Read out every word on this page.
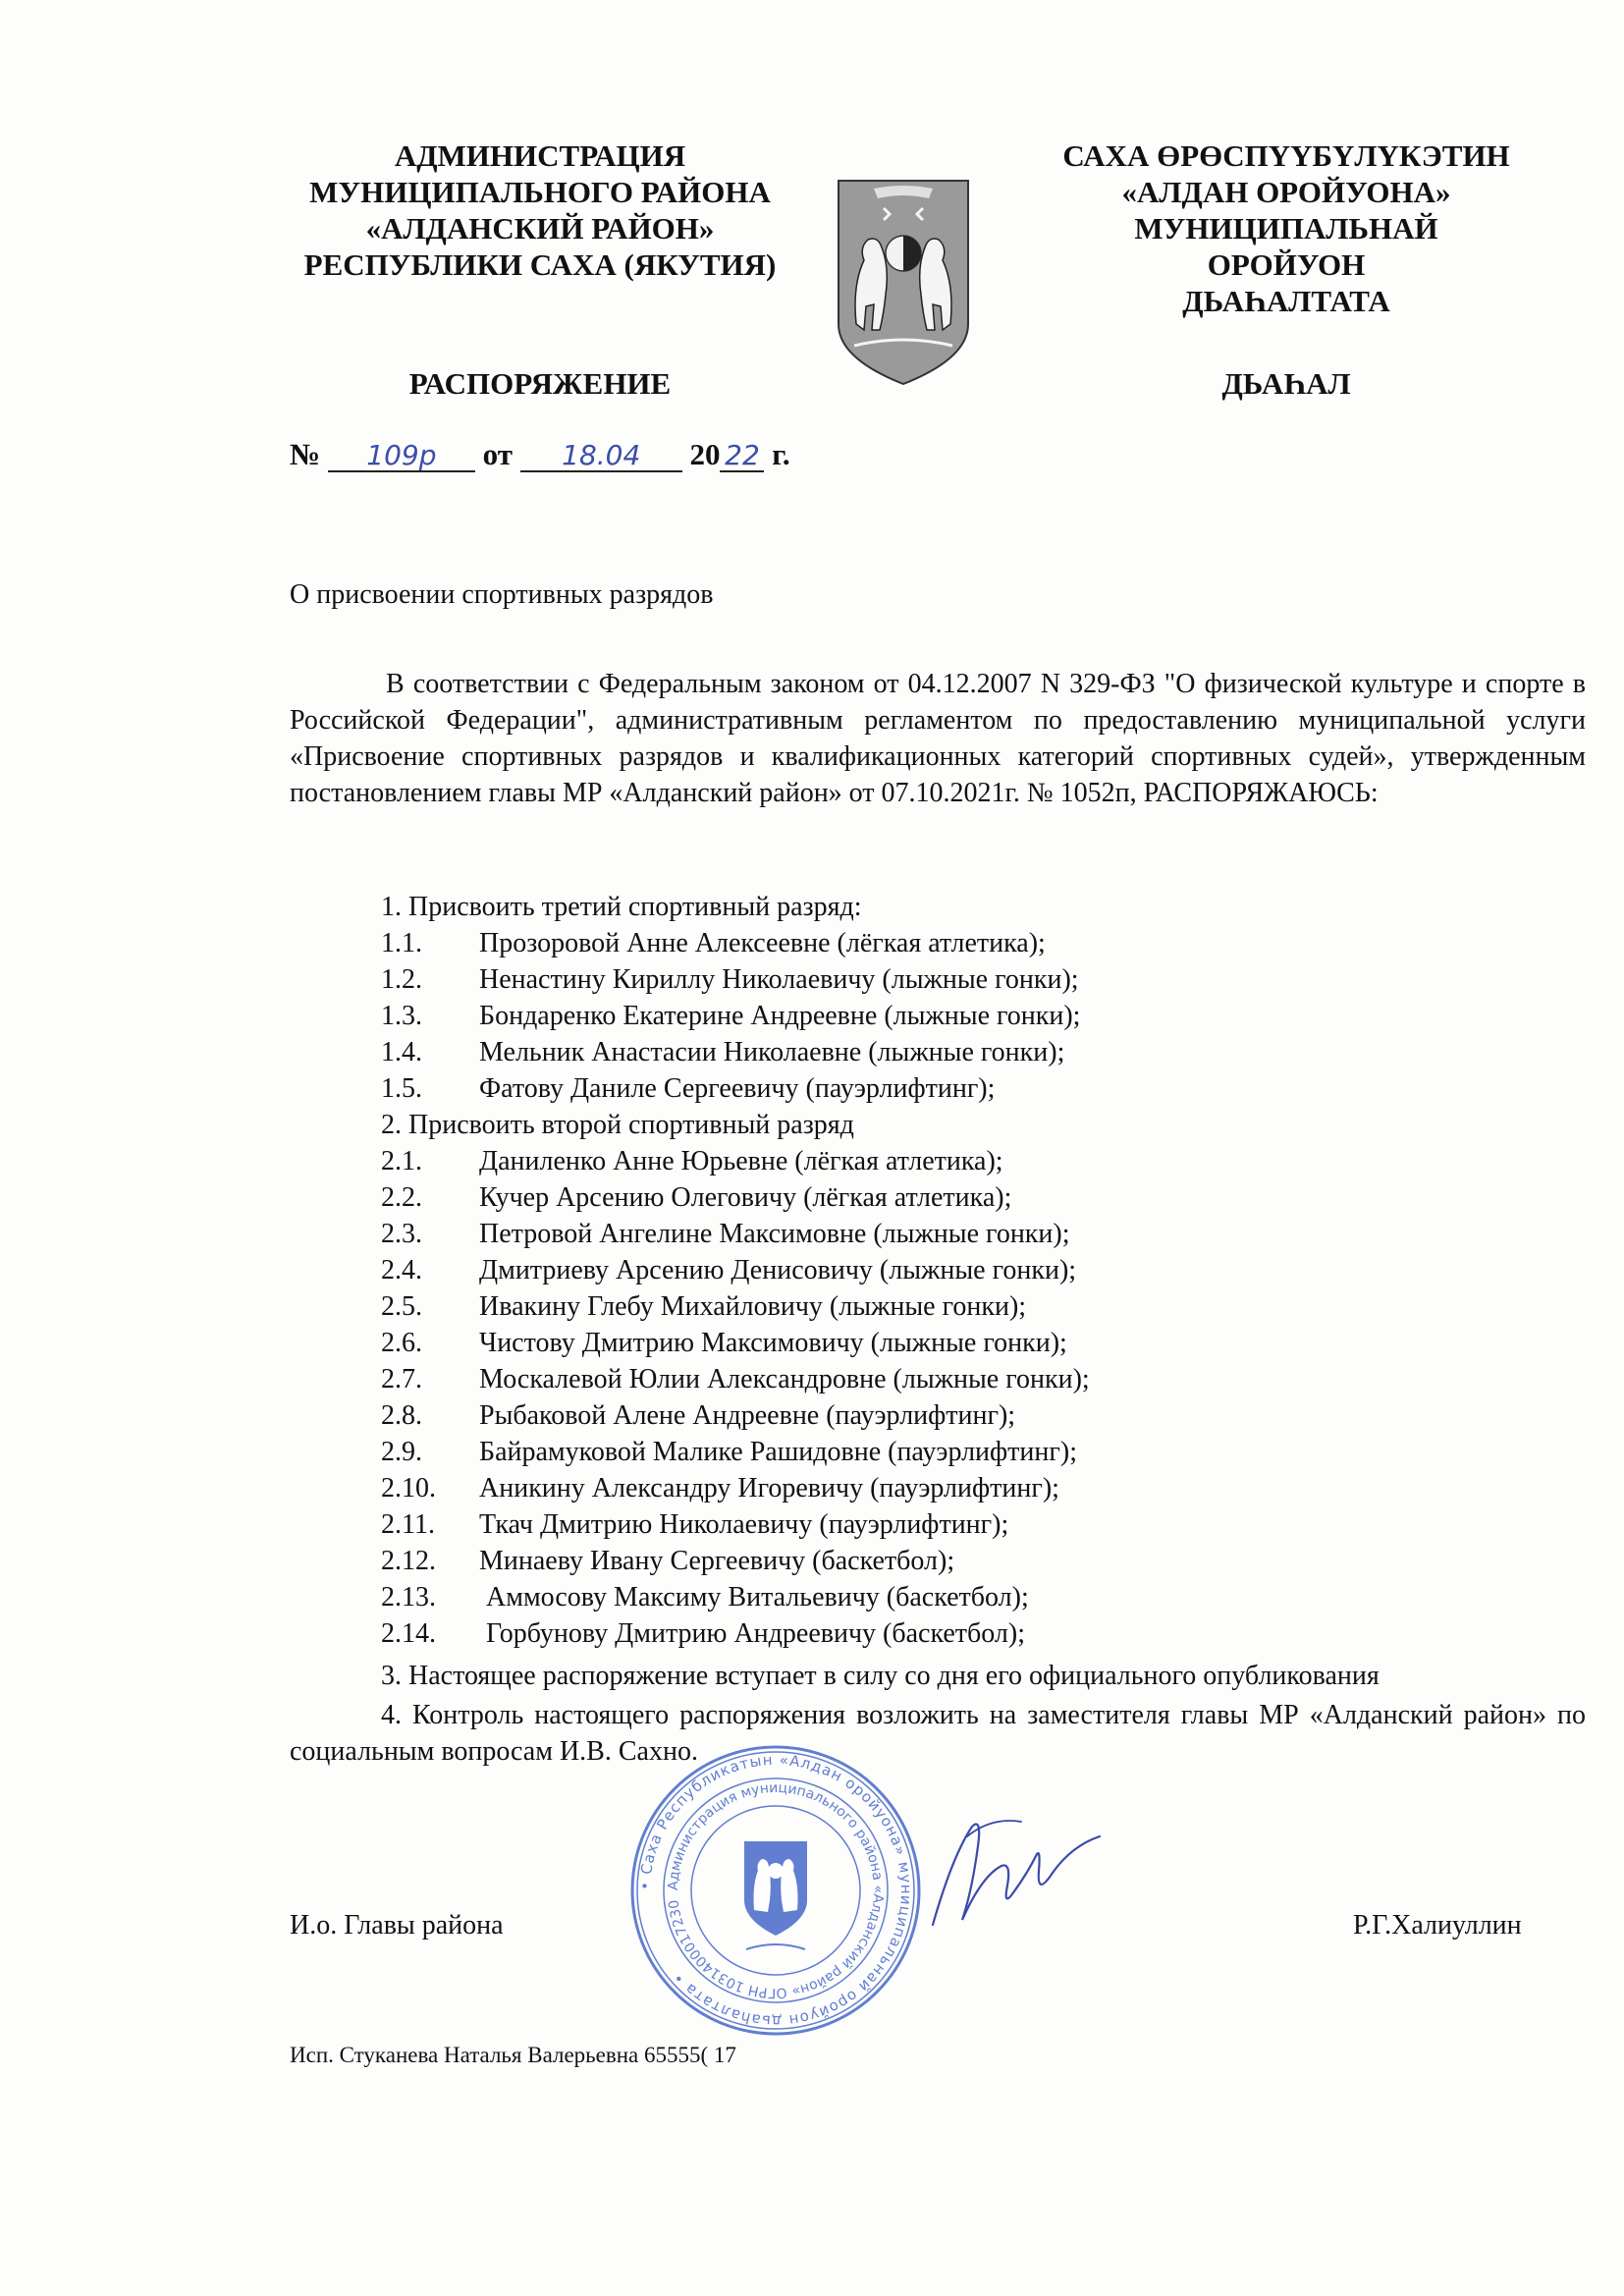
АДМИНИСТРАЦИЯ
МУНИЦИПАЛЬНОГО РАЙОНА
«АЛДАНСКИЙ РАЙОН»
РЕСПУБЛИКИ САХА (ЯКУТИЯ)
САХА ӨРӨСПҮҮБҮЛҮКЭТИН
«АЛДАН ОРОЙУОНА»
МУНИЦИПАЛЬНАЙ
ОРОЙУОН
ДЬАҺАЛТАТА
РАСПОРЯЖЕНИЕ	ДЬАҺАЛ
№ 109р от 18.04 20 22 г.
О присвоении спортивных разрядов
В соответствии с Федеральным законом от 04.12.2007 N 329-ФЗ "О физической культуре и спорте в Российской Федерации", административным регламентом по предоставлению муниципальной услуги «Присвоение спортивных разрядов и квалификационных категорий спортивных судей», утвержденным постановлением главы МР «Алданский район» от 07.10.2021г. № 1052п, РАСПОРЯЖАЮСЬ:
1. Присвоить третий спортивный разряд:
1.1. Прозоровой Анне Алексеевне (лёгкая атлетика);
1.2. Ненастину Кириллу Николаевичу (лыжные гонки);
1.3. Бондаренко Екатерине Андреевне (лыжные гонки);
1.4. Мельник Анастасии Николаевне (лыжные гонки);
1.5. Фатову Даниле Сергеевичу (пауэрлифтинг);
2. Присвоить второй спортивный разряд
2.1. Даниленко Анне Юрьевне (лёгкая атлетика);
2.2. Кучер Арсению Олеговичу (лёгкая атлетика);
2.3. Петровой Ангелине Максимовне (лыжные гонки);
2.4. Дмитриеву Арсению Денисовичу (лыжные гонки);
2.5. Ивакину Глебу Михайловичу (лыжные гонки);
2.6. Чистову Дмитрию Максимовичу (лыжные гонки);
2.7. Москалевой Юлии Александровне (лыжные гонки);
2.8. Рыбаковой Алене Андреевне (пауэрлифтинг);
2.9. Байрамуковой Малике Рашидовне (пауэрлифтинг);
2.10. Аникину Александру Игоревичу (пауэрлифтинг);
2.11. Ткач Дмитрию Николаевичу (пауэрлифтинг);
2.12. Минаеву Ивану Сергеевичу (баскетбол);
2.13. Аммосову Максиму Витальевичу (баскетбол);
2.14. Горбунову Дмитрию Андреевичу (баскетбол);
3. Настоящее распоряжение вступает в силу со дня его официального опубликования
4. Контроль настоящего распоряжения возложить на заместителя главы МР «Алданский район» по социальным вопросам И.В. Сахно.
• Саха Республикатын «Алдан оройуона» муниципальнай оройуон дьаһалтата •
Администрация муниципального района «Алданский район» ОГРН 1031400017230
И.о. Главы района	Р.Г.Халиуллин
Исп. Стуканева Наталья Валерьевна 65555( 17
